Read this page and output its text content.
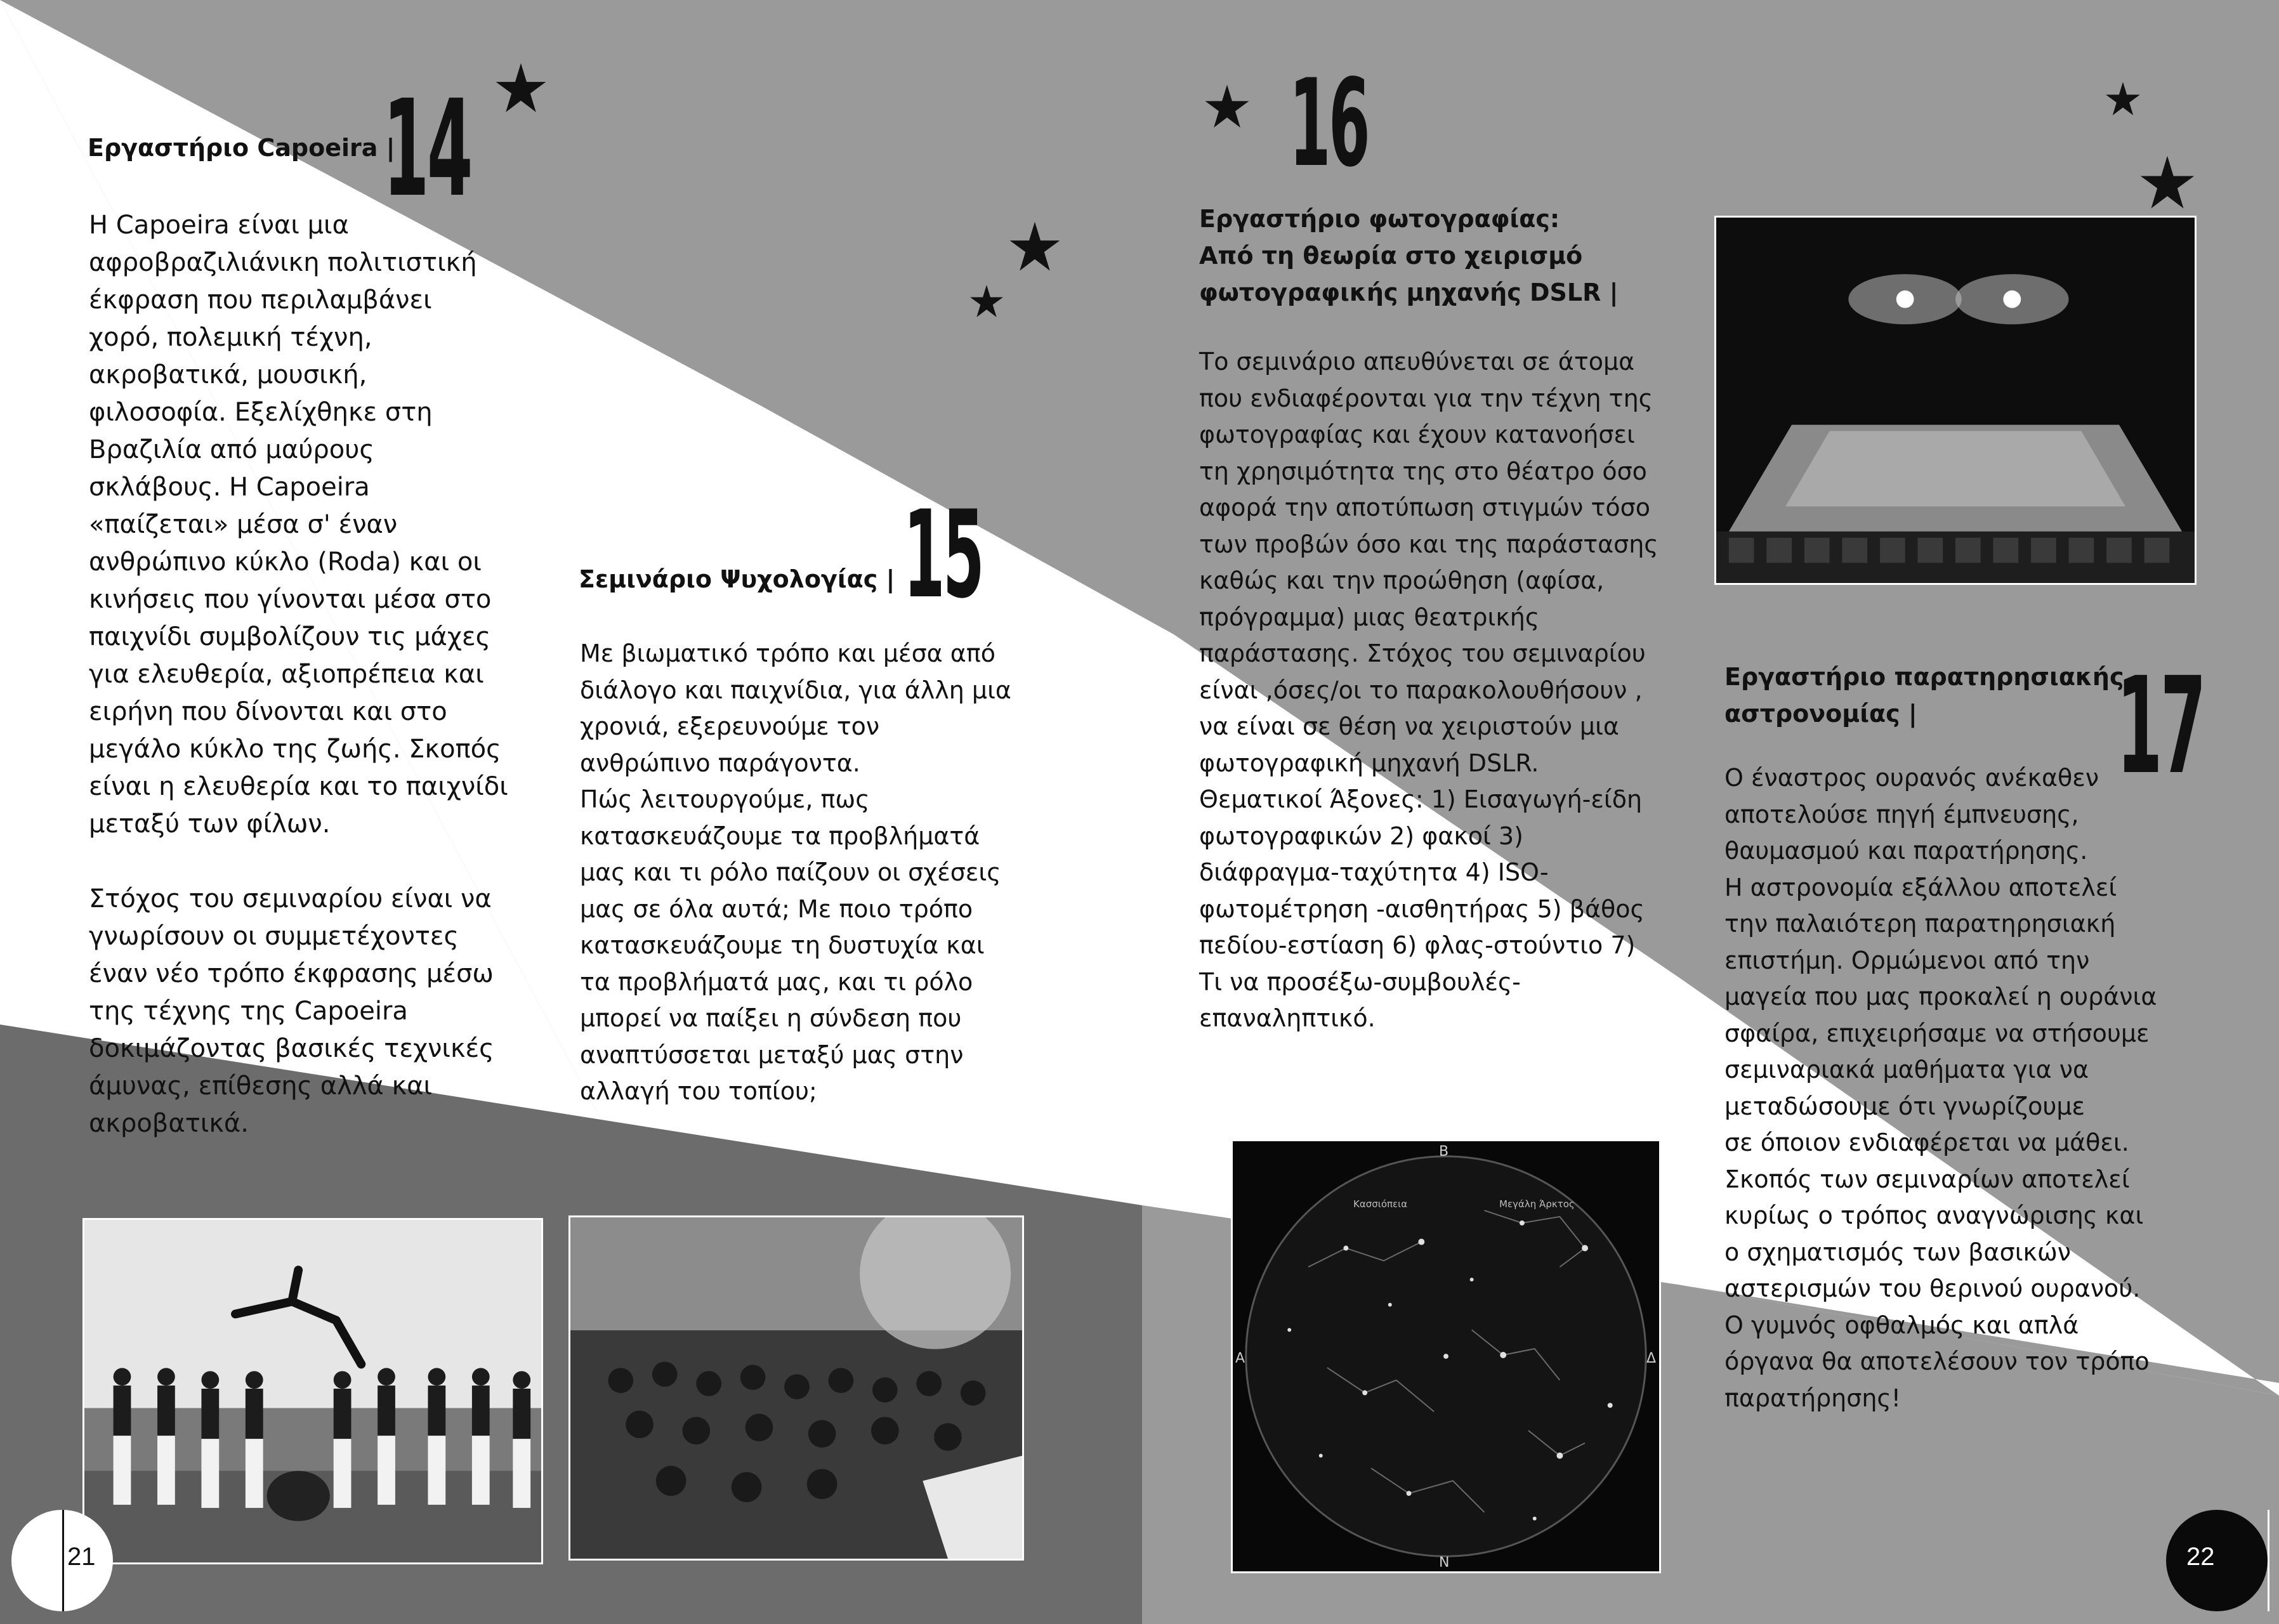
Εργαστήριο Capoeira |
14
Η Capoeira είναι μια
αφροβραζιλιάνικη πολιτιστική
έκφραση που περιλαμβάνει
χορό, πολεμική τέχνη,
ακροβατικά, μουσική,
φιλοσοφία. Εξελίχθηκε στη
Βραζιλία από μαύρους
σκλάβους. Η Capoeira
«παίζεται» μέσα σ' έναν
ανθρώπινο κύκλο (Roda) και οι
κινήσεις που γίνονται μέσα στο
παιχνίδι συμβολίζουν τις μάχες
για ελευθερία, αξιοπρέπεια και
ειρήνη που δίνονται και στο
μεγάλο κύκλο της ζωής. Σκοπός
είναι η ελευθερία και το παιχνίδι
μεταξύ των φίλων.

Στόχος του σεμιναρίου είναι να
γνωρίσουν οι συμμετέχοντες
έναν νέο τρόπο έκφρασης μέσω
της τέχνης της Capoeira
δοκιμάζοντας βασικές τεχνικές
άμυνας, επίθεσης αλλά και
ακροβατικά.
Σεμινάριο Ψυχολογίας | 15
Με βιωματικό τρόπο και μέσα από
διάλογο και παιχνίδια, για άλλη μια
χρονιά, εξερευνούμε τον
ανθρώπινο παράγοντα.
Πώς λειτουργούμε, πως
κατασκευάζουμε τα προβλήματά
μας και τι ρόλο παίζουν οι σχέσεις
μας σε όλα αυτά; Με ποιο τρόπο
κατασκευάζουμε τη δυστυχία και
τα προβλήματά μας, και τι ρόλο
μπορεί να παίξει η σύνδεση που
αναπτύσσεται μεταξύ μας στην
αλλαγή του τοπίου;
16
Εργαστήριο φωτογραφίας:
Από τη θεωρία στο χειρισμό
φωτογραφικής μηχανής DSLR |
Το σεμινάριο απευθύνεται σε άτομα
που ενδιαφέρονται για την τέχνη της
φωτογραφίας και έχουν κατανοήσει
τη χρησιμότητα της στο θέατρο όσο
αφορά την αποτύπωση στιγμών τόσο
των προβών όσο και της παράστασης
καθώς και την προώθηση (αφίσα,
πρόγραμμα) μιας θεατρικής
παράστασης. Στόχος του σεμιναρίου
είναι ,όσες/οι το παρακολουθήσουν ,
να είναι σε θέση να χειριστούν μια
φωτογραφική μηχανή DSLR.
Θεματικοί Άξονες: 1) Εισαγωγή-είδη
φωτογραφικών 2) φακοί 3)
διάφραγμα-ταχύτητα 4) ISO-
φωτομέτρηση -αισθητήρας 5) βάθος
πεδίου-εστίαση 6) φλας-στούντιο 7)
Τι να προσέξω-συμβουλές-
επαναληπτικό.
Εργαστήριο παρατηρησιακής
αστρονομίας |	17
Ο έναστρος ουρανός ανέκαθεν
αποτελούσε πηγή έμπνευσης,
θαυμασμού και παρατήρησης.
Η αστρονομία εξάλλου αποτελεί
την παλαιότερη παρατηρησιακή
επιστήμη. Ορμώμενοι από την
μαγεία που μας προκαλεί η ουράνια
σφαίρα, επιχειρήσαμε να στήσουμε
σεμιναριακά μαθήματα για να
μεταδώσουμε ότι γνωρίζουμε
σε όποιον ενδιαφέρεται να μάθει.
Σκοπός των σεμιναρίων αποτελεί
κυρίως ο τρόπος αναγνώρισης και
ο σχηματισμός των βασικών
αστερισμών του θερινού ουρανού.
Ο γυμνός οφθαλμός και απλά
όργανα θα αποτελέσουν τον τρόπο
παρατήρησης!
Β
Ν
Α	Δ
Κασσιόπεια	Μεγάλη Άρκτος
21	22
